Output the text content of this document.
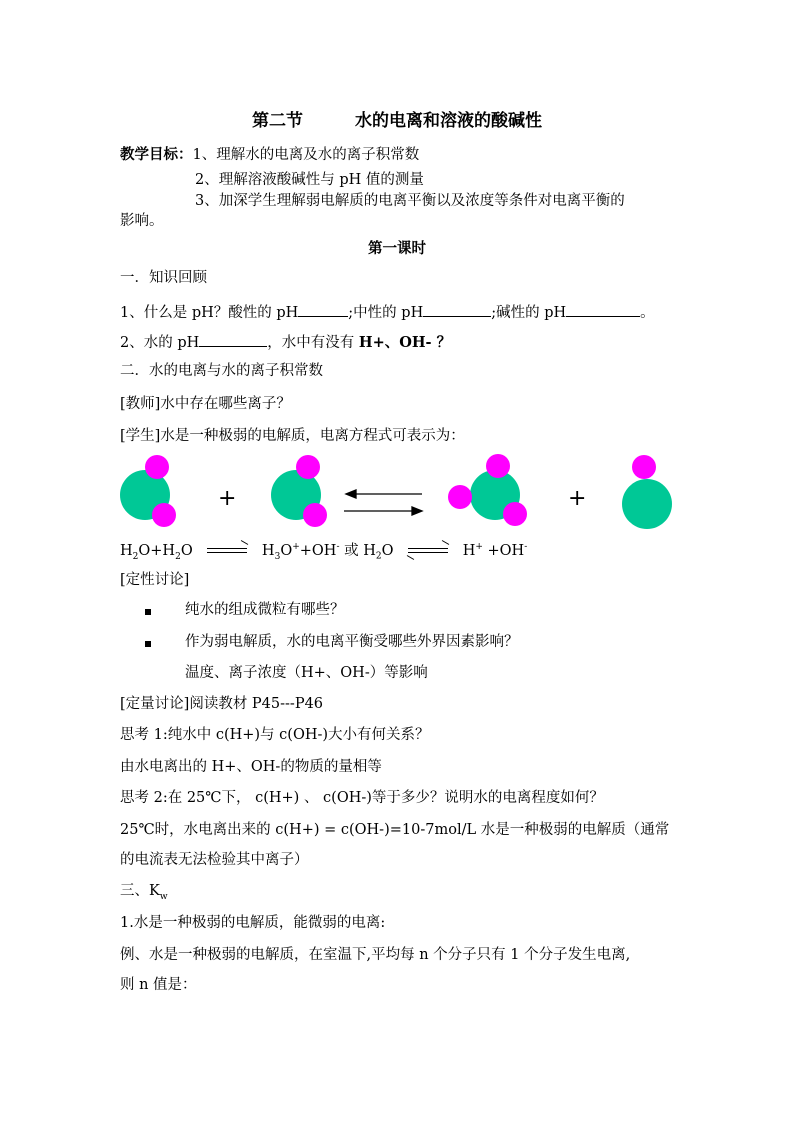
第二节	水的电离和溶液的酸碱性
教学目标：1、理解水的电离及水的离子积常数
2、理解溶液酸碱性与 pH 值的测量
3、加深学生理解弱电解质的电离平衡以及浓度等条件对电离平衡的
影响。
第一课时
一．知识回顾
1、什么是 pH？酸性的 pH	;中性的 pH	;碱性的 pH	。
2、水的 pH	，水中有没有 H+、OH- ？
二．水的电离与水的离子积常数
[教师]水中存在哪些离子？
[学生]水是一种极弱的电解质，电离方程式可表示为：
+	+
$H_2O+H_2O$	$H_3O^++OH^-$ 或 $H_2O$ ⇌ H+ +OH-
[定性讨论]
纯水的组成微粒有哪些？
作为弱电解质，水的电离平衡受哪些外界因素影响？
温度、离子浓度（H+、OH-）等影响
[定量讨论]阅读教材 P45---P46
思考 1:纯水中 c(H+)与 c(OH-)大小有何关系？
由水电离出的 H+、OH-的物质的量相等
思考 2:在 25℃下， c(H+) 、 c(OH-)等于多少？说明水的电离程度如何？
25℃时，水电离出来的 c(H+) = c(OH-)=10-7mol/L 水是一种极弱的电解质（通常
的电流表无法检验其中离子）
三、$K_w$
1.水是一种极弱的电解质，能微弱的电离:
例、水是一种极弱的电解质，在室温下,平均每 n 个分子只有 1 个分子发生电离,
则 n 值是：
